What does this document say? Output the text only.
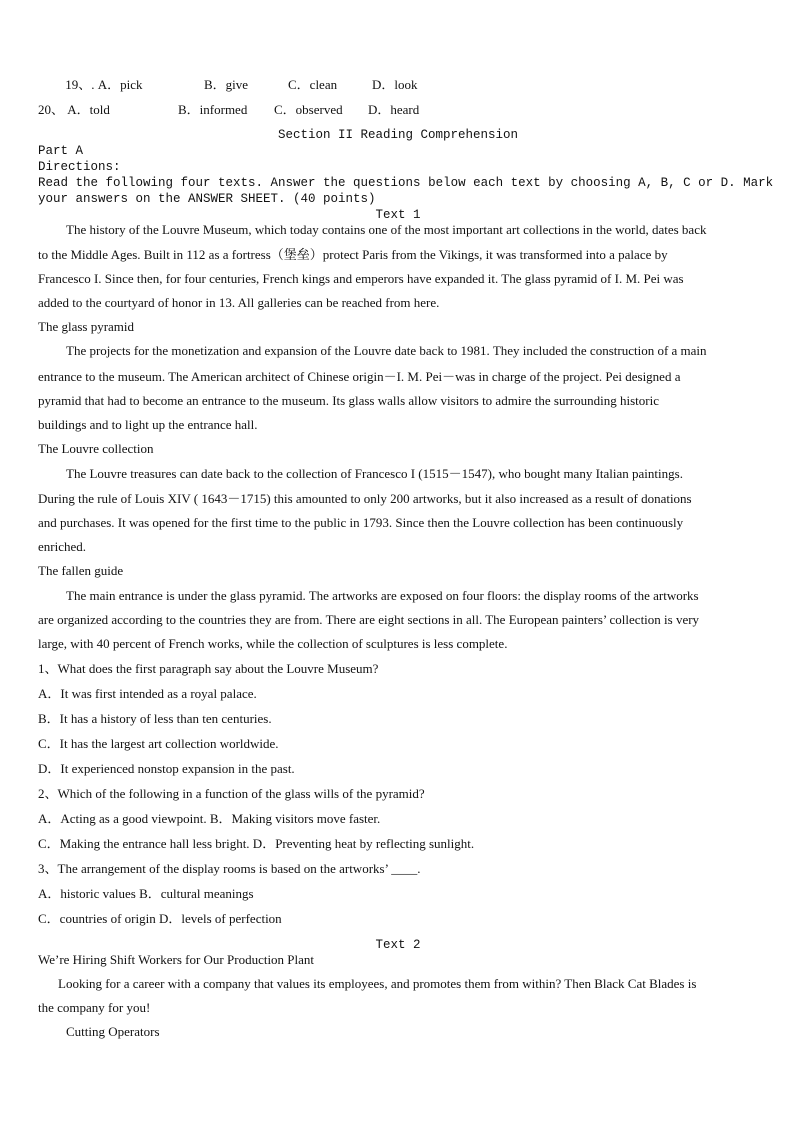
19、. A．pick	B．give	C．clean	D．look
20、 A．told	B．informed C．observed D．heard
Section II Reading Comprehension
Part A
Directions:
Read the following four texts. Answer the questions below each text by choosing A, B, C or D. Mark
your answers on the ANSWER SHEET. (40 points)
Text 1
The history of the Louvre Museum, which today contains one of the most important art collections in the world, dates back
to the Middle Ages. Built in 112 as a fortress（堡垒）protect Paris from the Vikings, it was transformed into a palace by
Francesco I. Since then, for four centuries, French kings and emperors have expanded it. The glass pyramid of I. M. Pei was
added to the courtyard of honor in 13. All galleries can be reached from here.
The glass pyramid
The projects for the monetization and expansion of the Louvre date back to 1981. They included the construction of a main
entrance to the museum. The American architect of Chinese origin－I. M. Pei－was in charge of the project. Pei designed a
pyramid that had to become an entrance to the museum. Its glass walls allow visitors to admire the surrounding historic
buildings and to light up the entrance hall.
The Louvre collection
The Louvre treasures can date back to the collection of Francesco I (1515－1547), who bought many Italian paintings.
During the rule of Louis XIV ( 1643－1715) this amounted to only 200 artworks, but it also increased as a result of donations
and purchases. It was opened for the first time to the public in 1793. Since then the Louvre collection has been continuously
enriched.
The fallen guide
The main entrance is under the glass pyramid. The artworks are exposed on four floors: the display rooms of the artworks
are organized according to the countries they are from. There are eight sections in all. The European painters’ collection is very
large, with 40 percent of French works, while the collection of sculptures is less complete.
1、What does the first paragraph say about the Louvre Museum?
A．It was first intended as a royal palace.
B．It has a history of less than ten centuries.
C．It has the largest art collection worldwide.
D．It experienced nonstop expansion in the past.
2、Which of the following in a function of the glass wills of the pyramid?
A．Acting as a good viewpoint. B．Making visitors move faster.
C．Making the entrance hall less bright. D．Preventing heat by reflecting sunlight.
3、The arrangement of the display rooms is based on the artworks’ ____.
A．historic values B．cultural meanings
C．countries of origin D．levels of perfection
Text 2
We’re Hiring Shift Workers for Our Production Plant
Looking for a career with a company that values its employees, and promotes them from within? Then Black Cat Blades is
the company for you!
Cutting Operators
